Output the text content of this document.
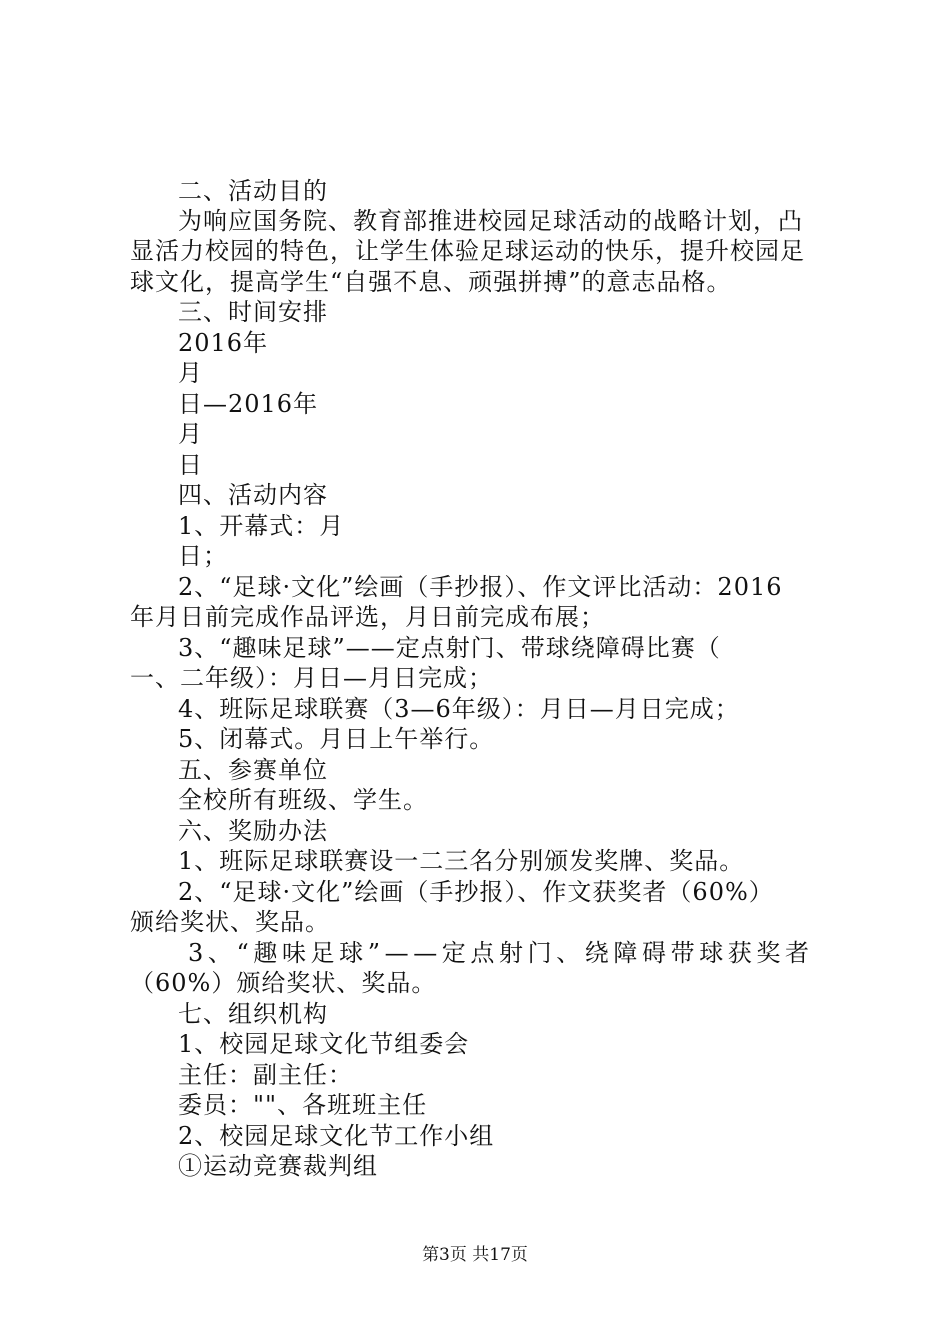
二、活动目的
为响应国务院、教育部推进校园足球活动的战略计划，凸
显活力校园的特色，让学生体验足球运动的快乐，提升校园足
球文化，提高学生“自强不息、顽强拼搏”的意志品格。
三、时间安排
2016年
月
日—2016年
月
日
四、活动内容
1、开幕式：月
日；
2、“足球·文化”绘画（手抄报）、作文评比活动：2016
年月日前完成作品评选，月日前完成布展；
3、“趣味足球”——定点射门、带球绕障碍比赛（
一、二年级）：月日—月日完成；
4、班际足球联赛（3—6年级）：月日—月日完成；
5、闭幕式。月日上午举行。
五、参赛单位
全校所有班级、学生。
六、奖励办法
1、班际足球联赛设一二三名分别颁发奖牌、奖品。
2、“足球·文化”绘画（手抄报）、作文获奖者（60%）
颁给奖状、奖品。
3、“趣味足球”——定点射门、绕障碍带球获奖者
（60%）颁给奖状、奖品。
七、组织机构
1、校园足球文化节组委会
主任：副主任：
委员：""、各班班主任
2、校园足球文化节工作小组
①运动竞赛裁判组
第3页 共17页
